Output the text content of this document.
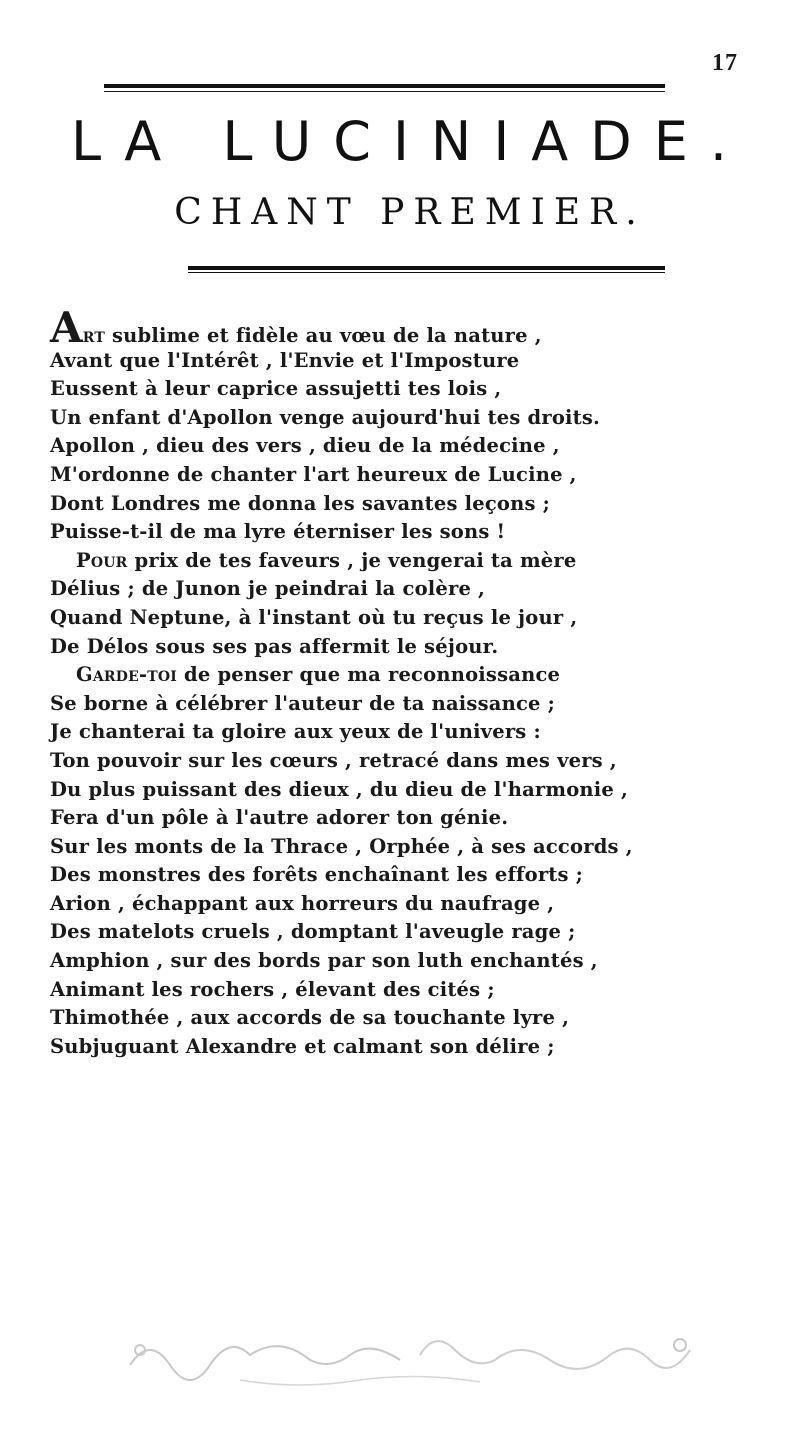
17
LA LUCINIADE.
CHANT PREMIER.
Art sublime et fidèle au vœu de la nature ,
Avant que l'Intérêt , l'Envie et l'Imposture
Eussent à leur caprice assujetti tes lois ,
Un enfant d'Apollon venge aujourd'hui tes droits.
Apollon , dieu des vers , dieu de la médecine ,
M'ordonne de chanter l'art heureux de Lucine ,
Dont Londres me donna les savantes leçons ;
Puisse-t-il de ma lyre éterniser les sons !
Pour prix de tes faveurs , je vengerai ta mère
Délius ; de Junon je peindrai la colère ,
Quand Neptune, à l'instant où tu reçus le jour ,
De Délos sous ses pas affermit le séjour.
Garde-toi de penser que ma reconnoissance
Se borne à célébrer l'auteur de ta naissance ;
Je chanterai ta gloire aux yeux de l'univers :
Ton pouvoir sur les cœurs , retracé dans mes vers ,
Du plus puissant des dieux , du dieu de l'harmonie ,
Fera d'un pôle à l'autre adorer ton génie.
Sur les monts de la Thrace , Orphée , à ses accords ,
Des monstres des forêts enchaînant les efforts ;
Arion , échappant aux horreurs du naufrage ,
Des matelots cruels , domptant l'aveugle rage ;
Amphion , sur des bords par son luth enchantés ,
Animant les rochers , élevant des cités ;
Thimothée , aux accords de sa touchante lyre ,
Subjuguant Alexandre et calmant son délire ;
